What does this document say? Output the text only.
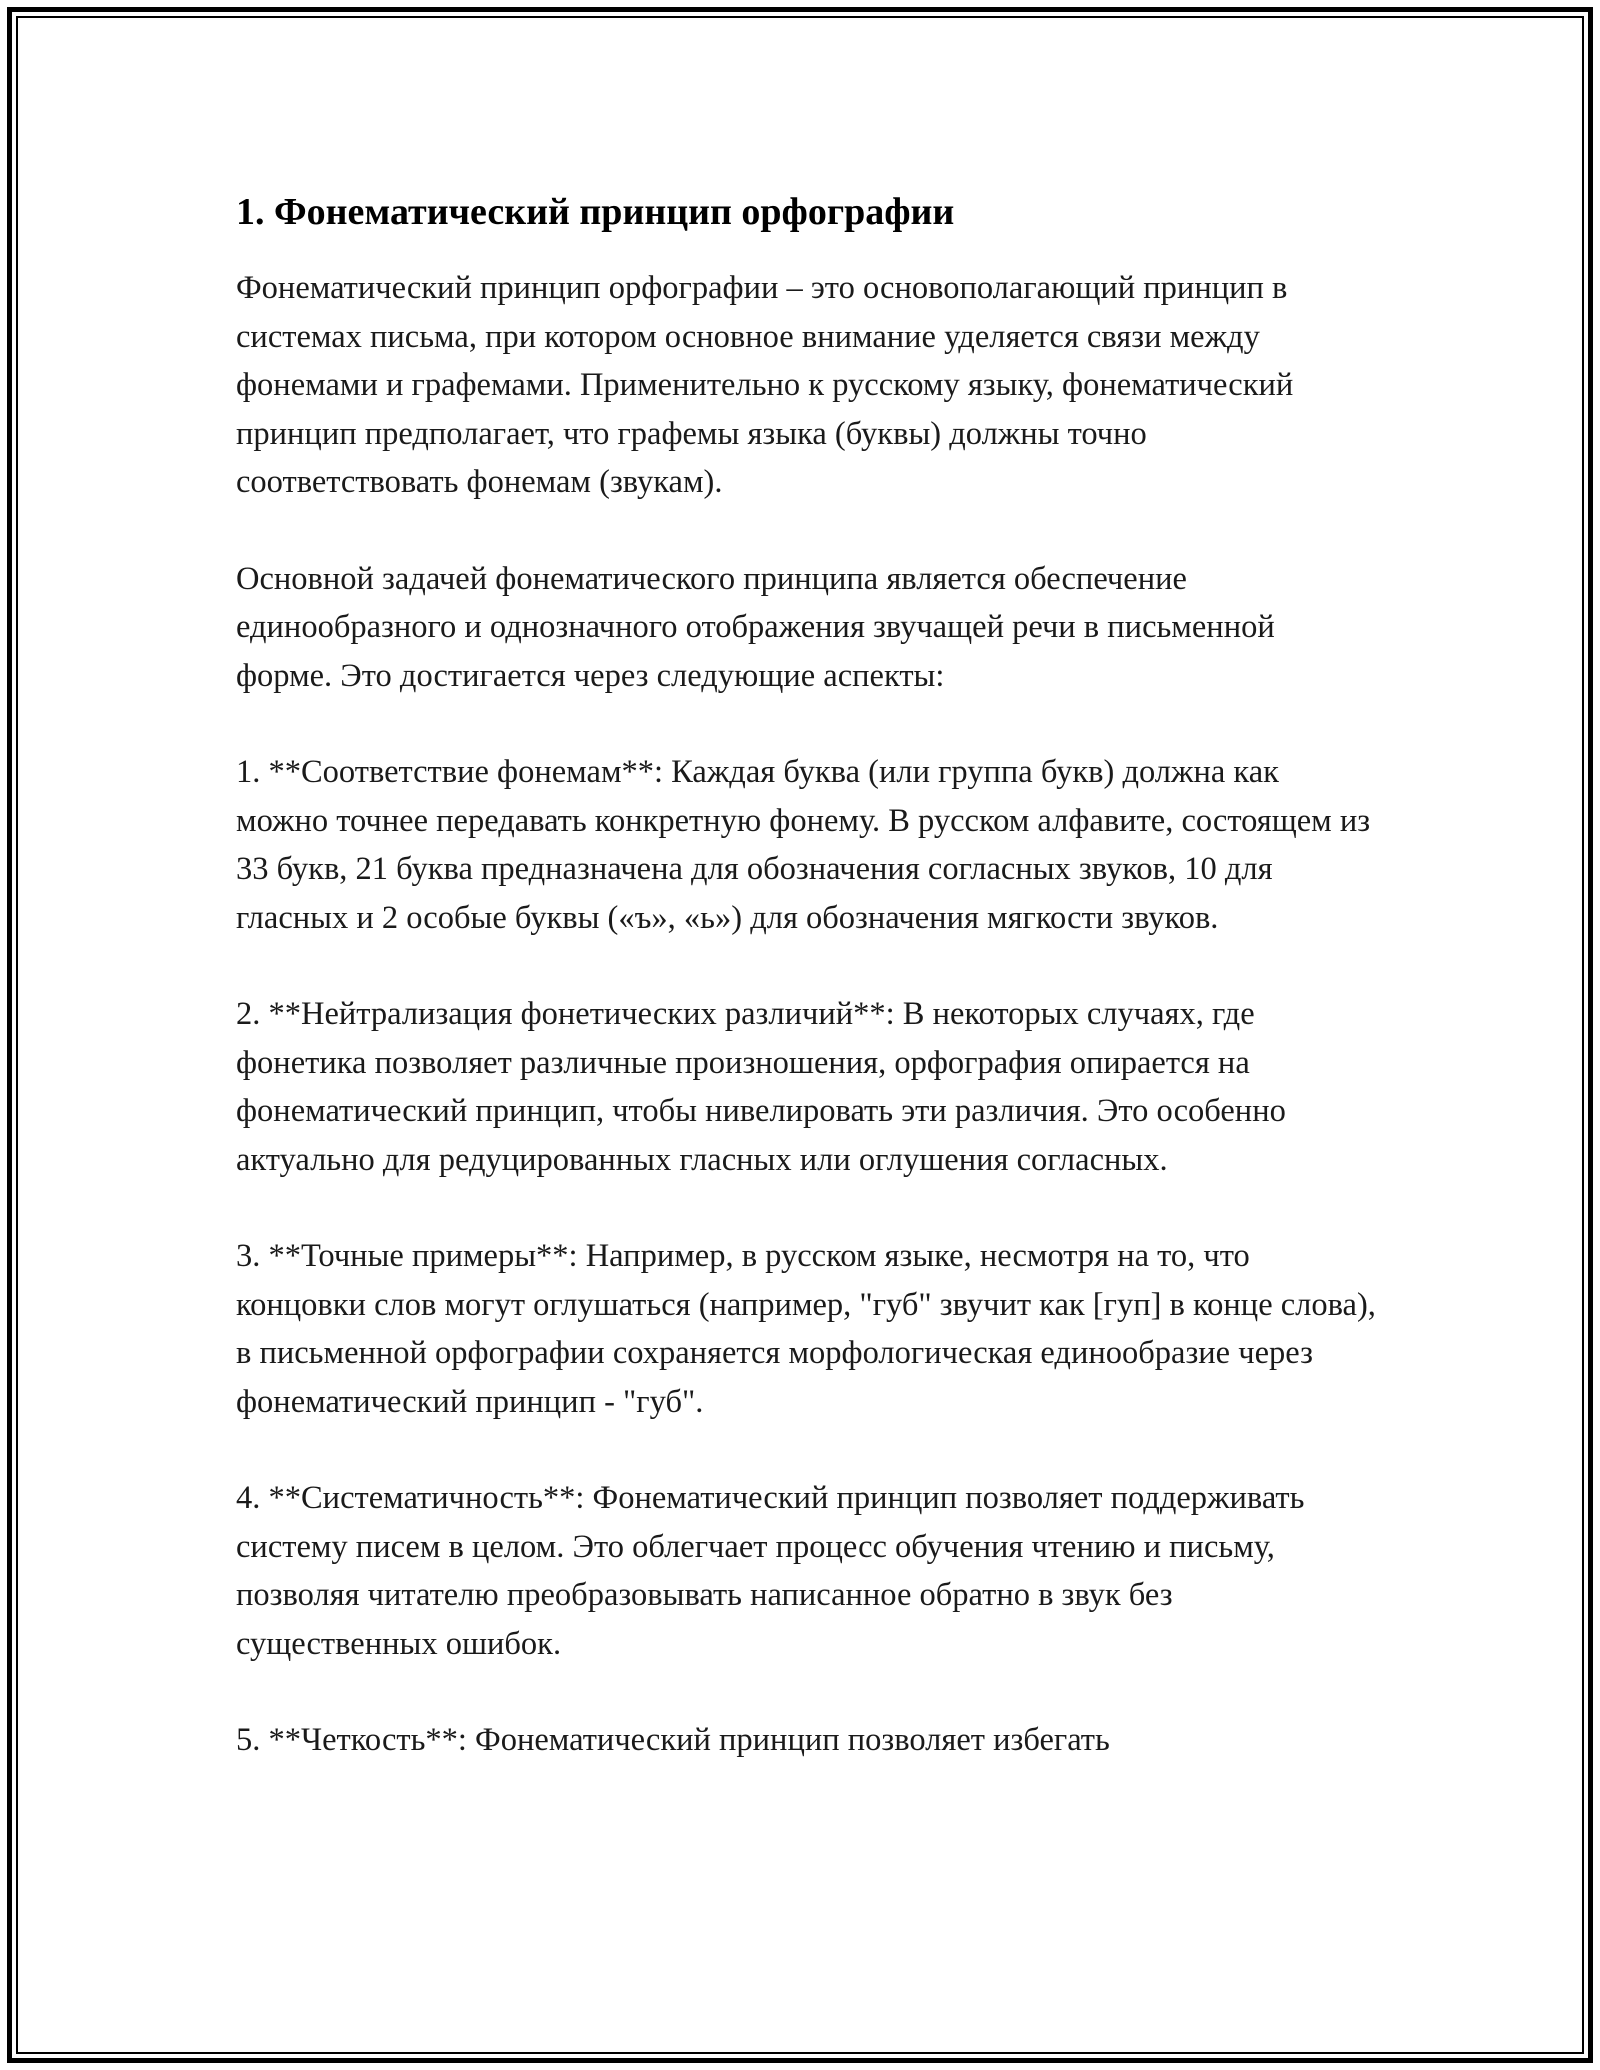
1. Фонематический принцип орфографии

Фонематический принцип орфографии – это основополагающий принцип в системах письма, при котором основное внимание уделяется связи между фонемами и графемами. Применительно к русскому языку, фонематический принцип предполагает, что графемы языка (буквы) должны точно соответствовать фонемам (звукам).

Основной задачей фонематического принципа является обеспечение единообразного и однозначного отображения звучащей речи в письменной форме. Это достигается через следующие аспекты:

1. **Соответствие фонемам**: Каждая буква (или группа букв) должна как можно точнее передавать конкретную фонему. В русском алфавите, состоящем из 33 букв, 21 буква предназначена для обозначения согласных звуков, 10 для гласных и 2 особые буквы («ъ», «ь») для обозначения мягкости звуков.

2. **Нейтрализация фонетических различий**: В некоторых случаях, где фонетика позволяет различные произношения, орфография опирается на фонематический принцип, чтобы нивелировать эти различия. Это особенно актуально для редуцированных гласных или оглушения согласных.

3. **Точные примеры**: Например, в русском языке, несмотря на то, что концовки слов могут оглушаться (например, "губ" звучит как [гуп] в конце слова), в письменной орфографии сохраняется морфологическая единообразие через фонематический принцип - "губ".

4. **Систематичность**: Фонематический принцип позволяет поддерживать систему писем в целом. Это облегчает процесс обучения чтению и письму, позволяя читателю преобразовывать написанное обратно в звук без существенных ошибок.

5. **Четкость**: Фонематический принцип позволяет избегать
